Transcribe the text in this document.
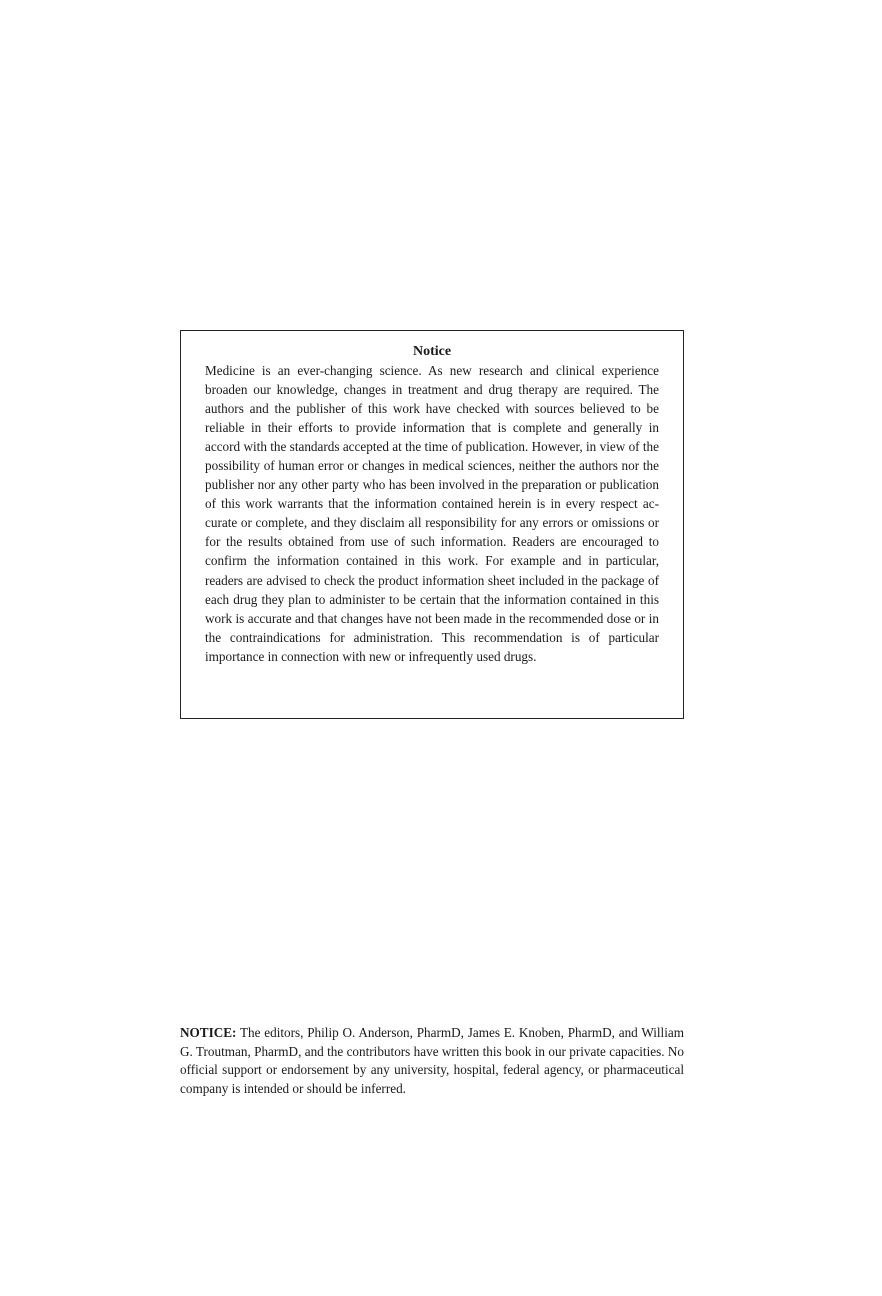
Notice

Medicine is an ever-changing science. As new research and clinical experience broaden our knowledge, changes in treatment and drug therapy are required. The authors and the publisher of this work have checked with sources believed to be reliable in their efforts to provide information that is complete and generally in accord with the standards accepted at the time of publication. However, in view of the possibility of human error or changes in medical sciences, neither the authors nor the publisher nor any other party who has been involved in the preparation or publication of this work warrants that the information contained herein is in every respect accurate or complete, and they disclaim all responsibility for any errors or omissions or for the results obtained from use of such information. Readers are encouraged to confirm the information contained in this work. For example and in particular, readers are advised to check the product information sheet included in the package of each drug they plan to administer to be certain that the information contained in this work is accurate and that changes have not been made in the recommended dose or in the contraindications for administration. This recommendation is of particular importance in connection with new or infrequently used drugs.

NOTICE: The editors, Philip O. Anderson, PharmD, James E. Knoben, PharmD, and William G. Troutman, PharmD, and the contributors have written this book in our private capacities. No official support or endorsement by any university, hospital, federal agency, or pharmaceutical company is intended or should be inferred.
